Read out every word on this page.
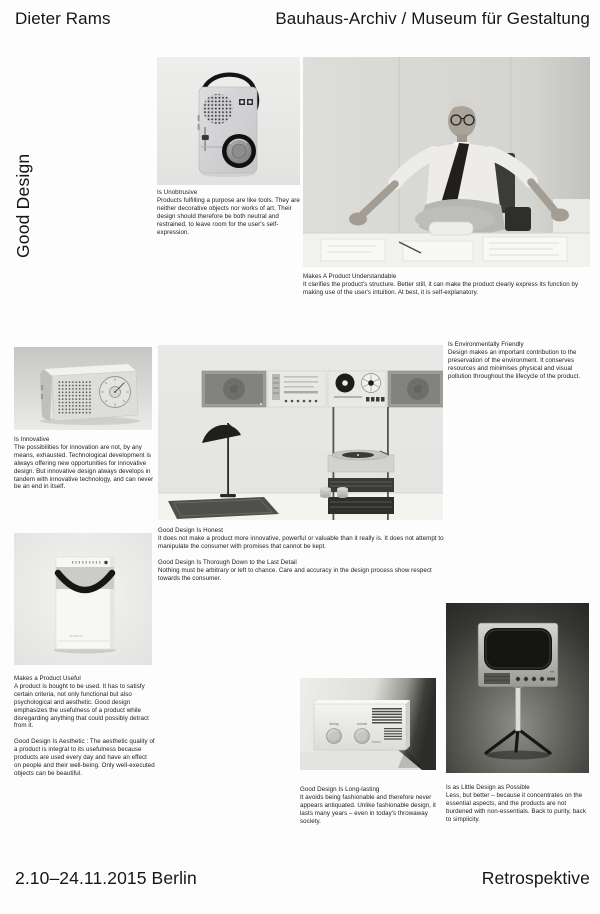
Dieter Rams	Bauhaus-Archiv / Museum für Gestaltung
Good Design	Is Unobtrusive

Products fulfilling a purpose are like tools. They are neither decorative objects nor works of art. Their design should therefore be both neutral and restrained, to leave room for the user's self-expression.

Makes A Product Understandable

It clarifies the product's structure. Better still, it can make the product clearly express its function by making use of the user's intuition. At best, it is self-explanatory.

Is Innovative

The possibilities for innovation are not, by any means, exhausted. Technological development is always offering new opportunities for innovative design. But innovative design always develops in tandem with innovative technology, and can never be an end in itself.

Good Design Is Honest

It does not make a product more innovative, powerful or valuable than it really is. It does not attempt to manipulate the consumer with promises that cannot be kept.

Good Design Is Thorough Down to the Last Detail

Nothing must be arbitrary or left to chance. Care and accuracy in the design process show respect towards the consumer.

Is Environmentally Friendly

Design makes an important contribution to the preservation of the environment. It conserves resources and minimises physical and visual pollution throughout the lifecycle of the product.

braun

Makes a Product Useful

A product is bought to be used. It has to satisfy certain criteria, not only functional but also psychological and aesthetic. Good design emphasizes the usefulness of a product while disregarding anything that could possibly detract from it.

Good Design Is Aesthetic : The aesthetic quality of a product is integral to its usefulness because products are used every day and have an effect on people and their well-being. Only well-executed objects can be beautiful.

tuning	volume
braun

Good Design Is Long-lasting

It avoids being fashionable and therefore never appears antiquated. Unlike fashionable design, it lasts many years – even in today's throwaway society.

Is as Little Design as Possible

Less, but better – because it concentrates on the essential aspects, and the products are not burdened with non-essentials. Back to purity, back to simplicity.

2.10–24.11.2015 Berlin	Retrospektive
